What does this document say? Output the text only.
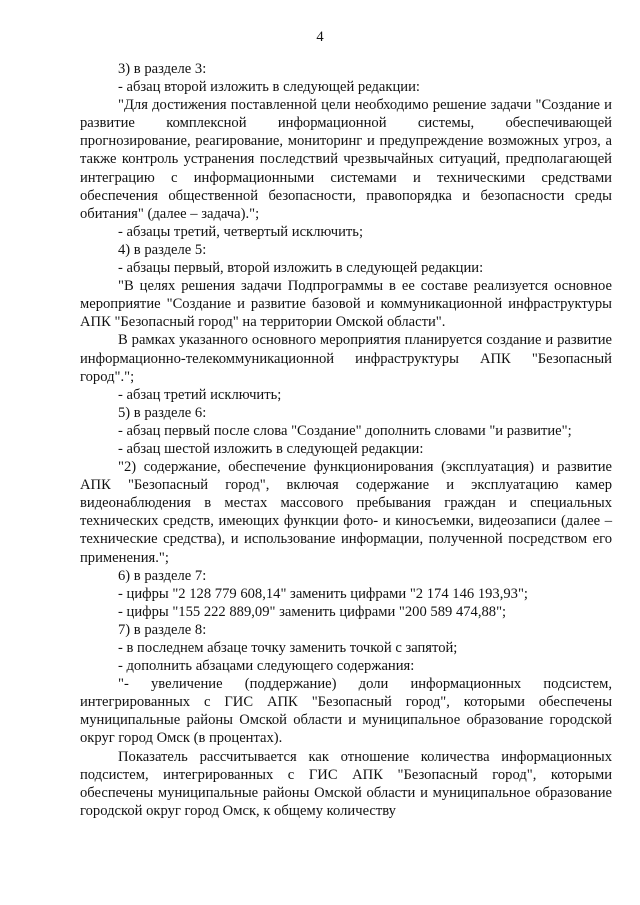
4

3) в разделе 3:

- абзац второй изложить в следующей редакции:

"Для достижения поставленной цели необходимо решение задачи "Создание и развитие комплексной информационной системы, обеспечивающей прогнозирование, реагирование, мониторинг и предупреждение возможных угроз, а также контроль устранения последствий чрезвычайных ситуаций, предполагающей интеграцию с информационными системами и техническими средствами обеспечения общественной безопасности, правопорядка и безопасности среды обитания" (далее – задача).";

- абзацы третий, четвертый исключить;

4) в разделе 5:

- абзацы первый, второй изложить в следующей редакции:

"В целях решения задачи Подпрограммы в ее составе реализуется основное мероприятие "Создание и развитие базовой и коммуникационной инфраструктуры АПК "Безопасный город" на территории Омской области".

В рамках указанного основного мероприятия планируется создание и развитие информационно-телекоммуникационной инфраструктуры АПК "Безопасный город".";

- абзац третий исключить;

5) в разделе 6:

- абзац первый после слова "Создание" дополнить словами "и развитие";

- абзац шестой изложить в следующей редакции:

"2) содержание, обеспечение функционирования (эксплуатация) и развитие АПК "Безопасный город", включая содержание и эксплуатацию камер видеонаблюдения в местах массового пребывания граждан и специальных технических средств, имеющих функции фото- и киносъемки, видеозаписи (далее – технические средства), и использование информации, полученной посредством его применения.";

6) в разделе 7:

- цифры "2 128 779 608,14" заменить цифрами "2 174 146 193,93";

- цифры "155 222 889,09" заменить цифрами "200 589 474,88";

7) в разделе 8:

- в последнем абзаце точку заменить точкой с запятой;

- дополнить абзацами следующего содержания:

"- увеличение (поддержание) доли информационных подсистем, интегрированных с ГИС АПК "Безопасный город", которыми обеспечены муниципальные районы Омской области и муниципальное образование городской округ город Омск (в процентах).

Показатель рассчитывается как отношение количества информационных подсистем, интегрированных с ГИС АПК "Безопасный город", которыми обеспечены муниципальные районы Омской области и муниципальное образование городской округ город Омск, к общему количеству
